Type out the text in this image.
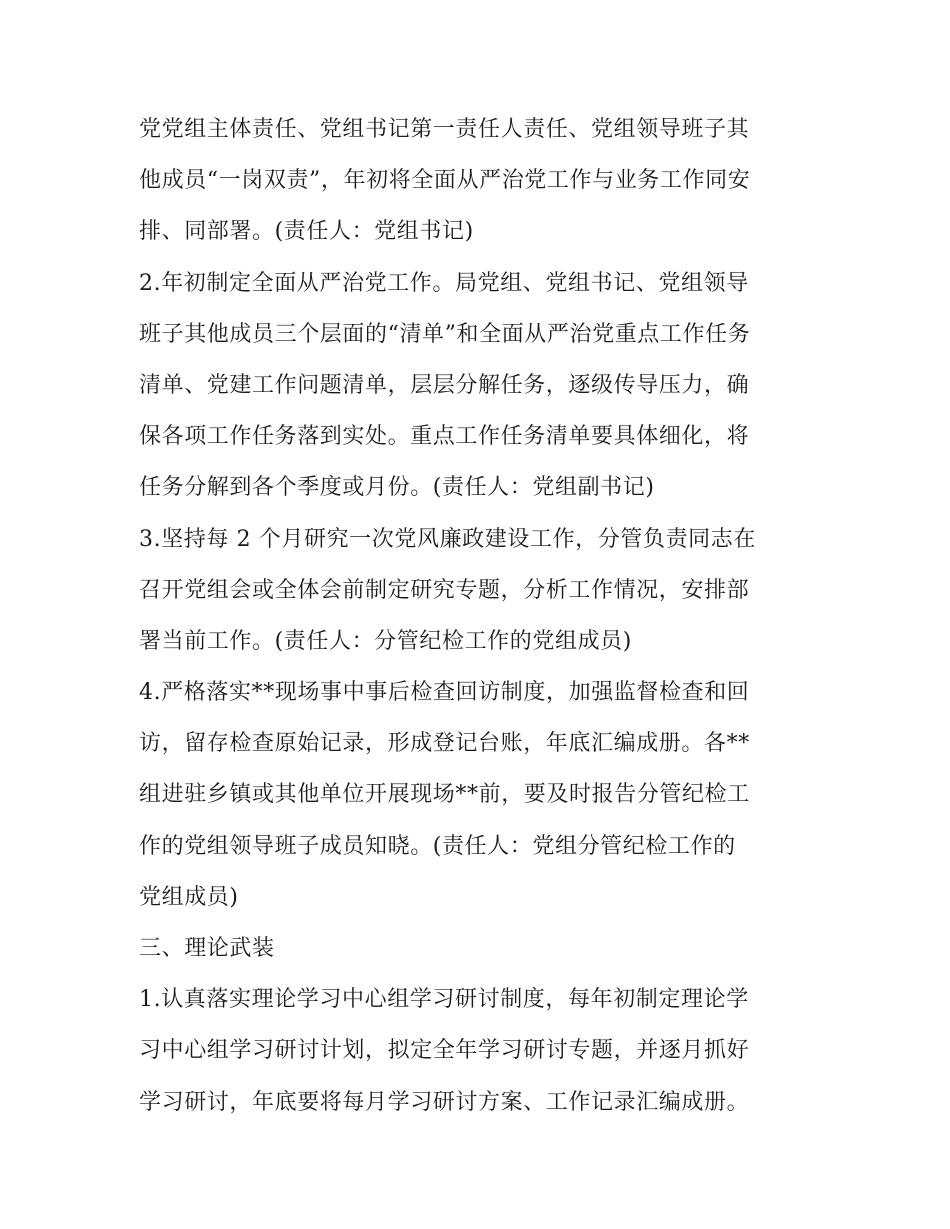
党党组主体责任、党组书记第一责任人责任、党组领导班子其
他成员“一岗双责”，年初将全面从严治党工作与业务工作同安
排、同部署。(责任人：党组书记)
2.年初制定全面从严治党工作。局党组、党组书记、党组领导
班子其他成员三个层面的“清单”和全面从严治党重点工作任务
清单、党建工作问题清单，层层分解任务，逐级传导压力，确
保各项工作任务落到实处。重点工作任务清单要具体细化，将
任务分解到各个季度或月份。(责任人：党组副书记)
3.坚持每 2 个月研究一次党风廉政建设工作，分管负责同志在
召开党组会或全体会前制定研究专题，分析工作情况，安排部
署当前工作。(责任人：分管纪检工作的党组成员)
4.严格落实**现场事中事后检查回访制度，加强监督检查和回
访，留存检查原始记录，形成登记台账，年底汇编成册。各**
组进驻乡镇或其他单位开展现场**前，要及时报告分管纪检工
作的党组领导班子成员知晓。(责任人：党组分管纪检工作的
党组成员)
三、理论武装
1.认真落实理论学习中心组学习研讨制度，每年初制定理论学
习中心组学习研讨计划，拟定全年学习研讨专题，并逐月抓好
学习研讨，年底要将每月学习研讨方案、工作记录汇编成册。
